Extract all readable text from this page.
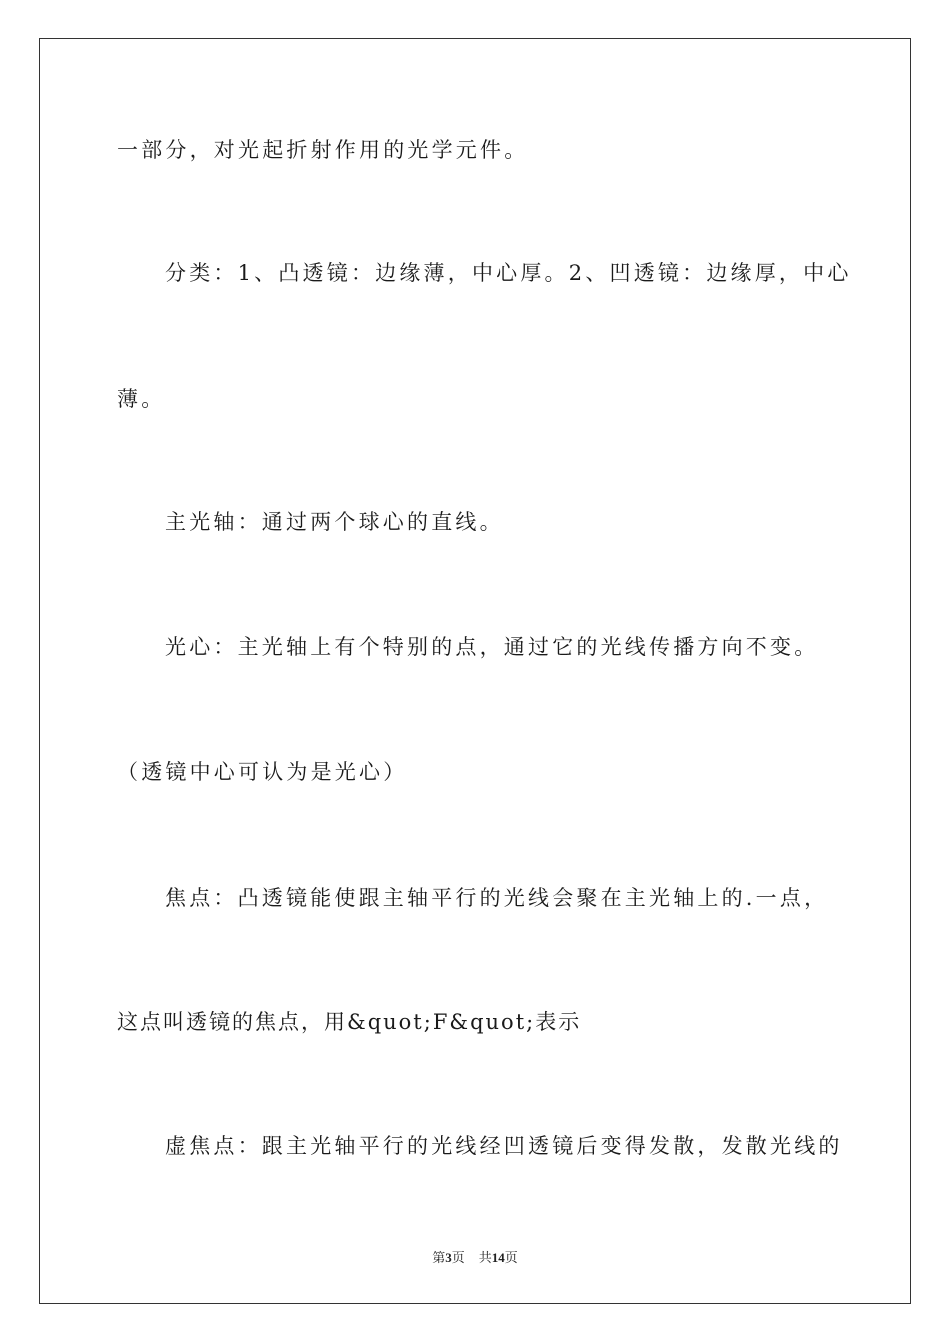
一部分，对光起折射作用的光学元件。
分类：1、凸透镜：边缘薄，中心厚。2、凹透镜：边缘厚，中心
薄。
主光轴：通过两个球心的直线。
光心：主光轴上有个特别的点，通过它的光线传播方向不变。
（透镜中心可认为是光心）
焦点：凸透镜能使跟主轴平行的光线会聚在主光轴上的.一点，
这点叫透镜的焦点，用&quot;F&quot;表示
虚焦点：跟主光轴平行的光线经凹透镜后变得发散，发散光线的
第3页 共14页
